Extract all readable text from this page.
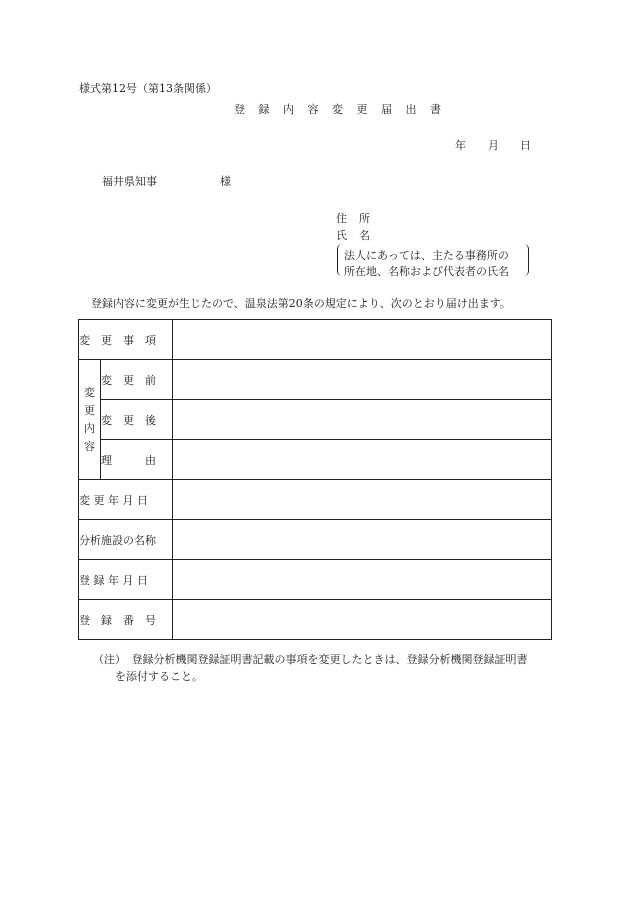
様式第12号（第13条関係）
登 録 内 容 変 更 届 出 書
年 月 日
福井県知事	様
住 所
氏 名
法人にあっては、主たる事務所の
所在地、名称および代表者の氏名
登録内容に変更が生じたので、温泉法第20条の規定により、次のとおり届け出ます。
変　更　事　項		

変
更
内
容	変　更　前	
	変　更　後	
	理　　　由	
変 更 年 月 日		
分析施設の名称		
登 録 年 月 日		
登　録　番　号		
（注）　登録分析機関登録証明書記載の事項を変更したときは、登録分析機関登録証明書
を添付すること。
